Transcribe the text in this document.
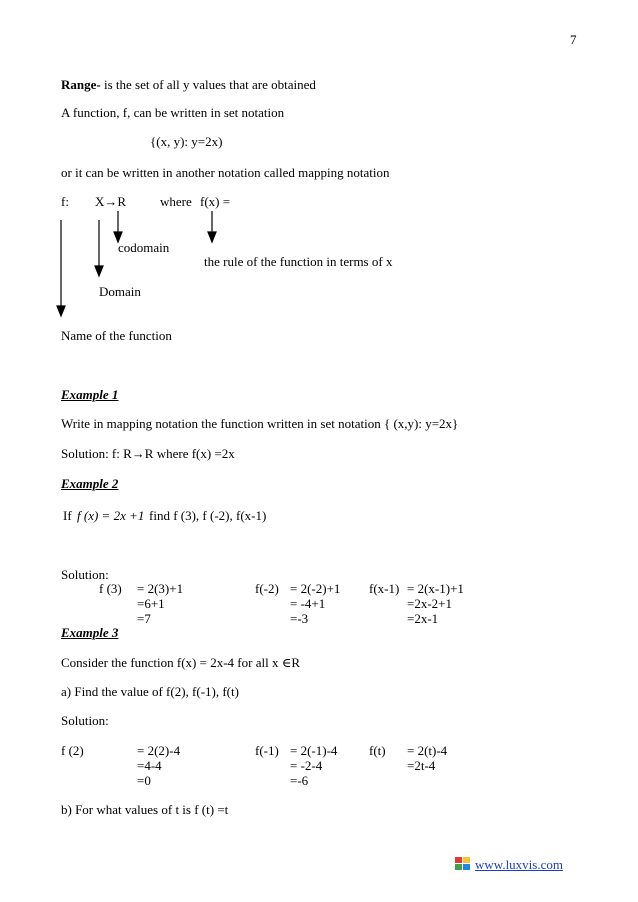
7
Range- is the set of all y values that are obtained
A function, f, can be written in set notation
{(x, y): y=2x)
or it can be written in another notation called mapping notation
f: X→R	where f(x) =
codomain
the rule of the function in terms of x
Domain
Name of the function
Example 1
Write in mapping notation the function written in set notation { (x,y): y=2x}
Solution: f: R→R where f(x) =2x
Example 2
If f (x) = 2x +1 find f (3), f (-2), f(x-1)
Solution:
f (3) = 2(3)+1
=6+1
=7
f(-2) = 2(-2)+1
= -4+1
=-3
f(x-1) = 2(x-1)+1
=2x-2+1
=2x-1
Example 3
Consider the function f(x) = 2x-4 for all x ∈R
a) Find the value of f(2), f(-1), f(t)
Solution:
f (2)	= 2(2)-4
=4-4
=0
f(-1) = 2(-1)-4
= -2-4
=-6
f(t) = 2(t)-4
=2t-4
b) For what values of t is f (t) =t
www.luxvis.com
